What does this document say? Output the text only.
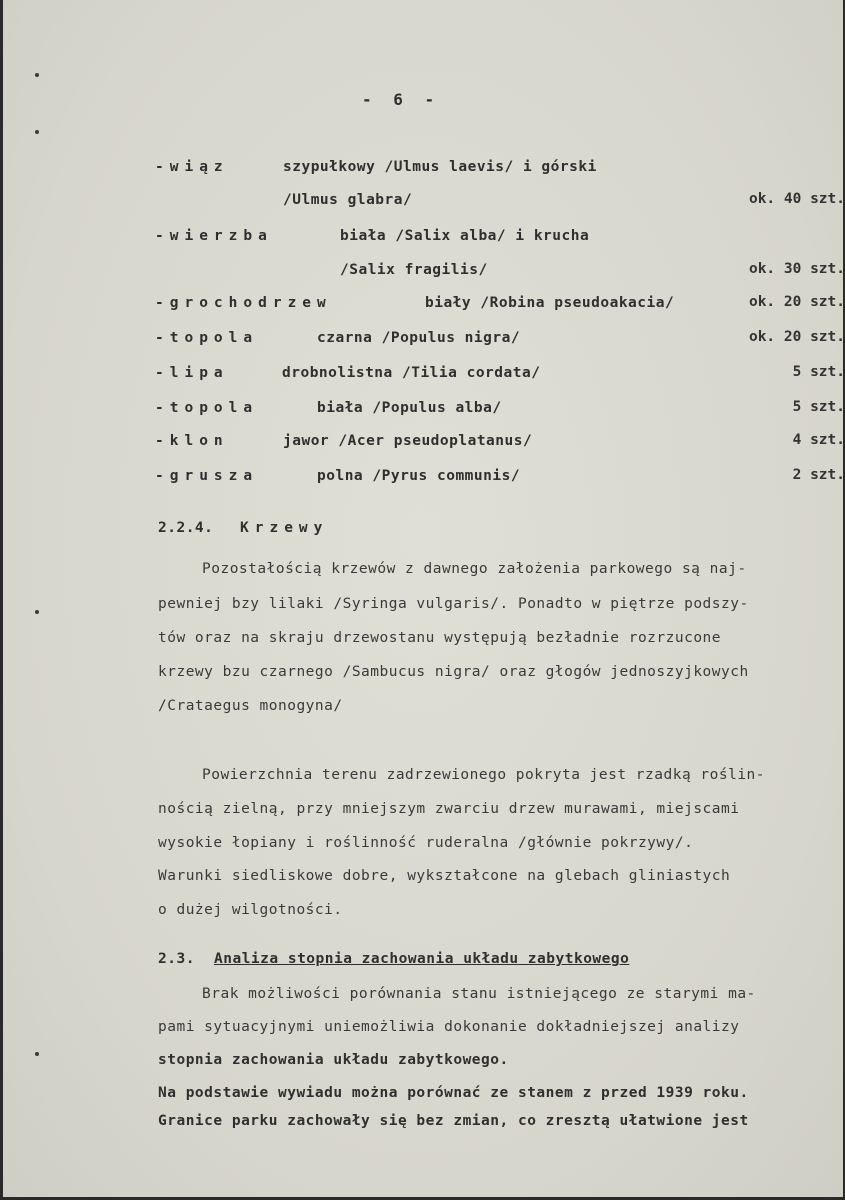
- 6 -
-wiąz	szypułkowy /Ulmus laevis/ i górski
/Ulmus glabra/	ok. 40 szt.
-wierzba	biała /Salix alba/ i krucha
/Salix fragilis/	ok. 30 szt.
-grochodrzew	biały /Robina pseudoakacia/	ok. 20 szt.
-topola	czarna /Populus nigra/	ok. 20 szt.
-lipa	drobnolistna /Tilia cordata/	5 szt.
-topola	biała /Populus alba/	5 szt.
-klon	jawor /Acer pseudoplatanus/	4 szt.
-grusza	polna /Pyrus communis/	2 szt.
2.2.4. Krzewy
Pozostałością krzewów z dawnego założenia parkowego są naj-
pewniej bzy lilaki /Syringa vulgaris/. Ponadto w piętrze podszy-
tów oraz na skraju drzewostanu występują bezładnie rozrzucone
krzewy bzu czarnego /Sambucus nigra/ oraz głogów jednoszyjkowych
/Crataegus monogyna/
Powierzchnia terenu zadrzewionego pokryta jest rzadką roślin-
nością zielną, przy mniejszym zwarciu drzew murawami, miejscami
wysokie łopiany i roślinność ruderalna /głównie pokrzywy/.
Warunki siedliskowe dobre, wykształcone na glebach gliniastych
o dużej wilgotności.
2.3. Analiza stopnia zachowania układu zabytkowego
Brak możliwości porównania stanu istniejącego ze starymi ma-
pami sytuacyjnymi uniemożliwia dokonanie dokładniejszej analizy
stopnia zachowania układu zabytkowego.
Na podstawie wywiadu można porównać ze stanem z przed 1939 roku.
Granice parku zachowały się bez zmian, co zresztą ułatwione jest
